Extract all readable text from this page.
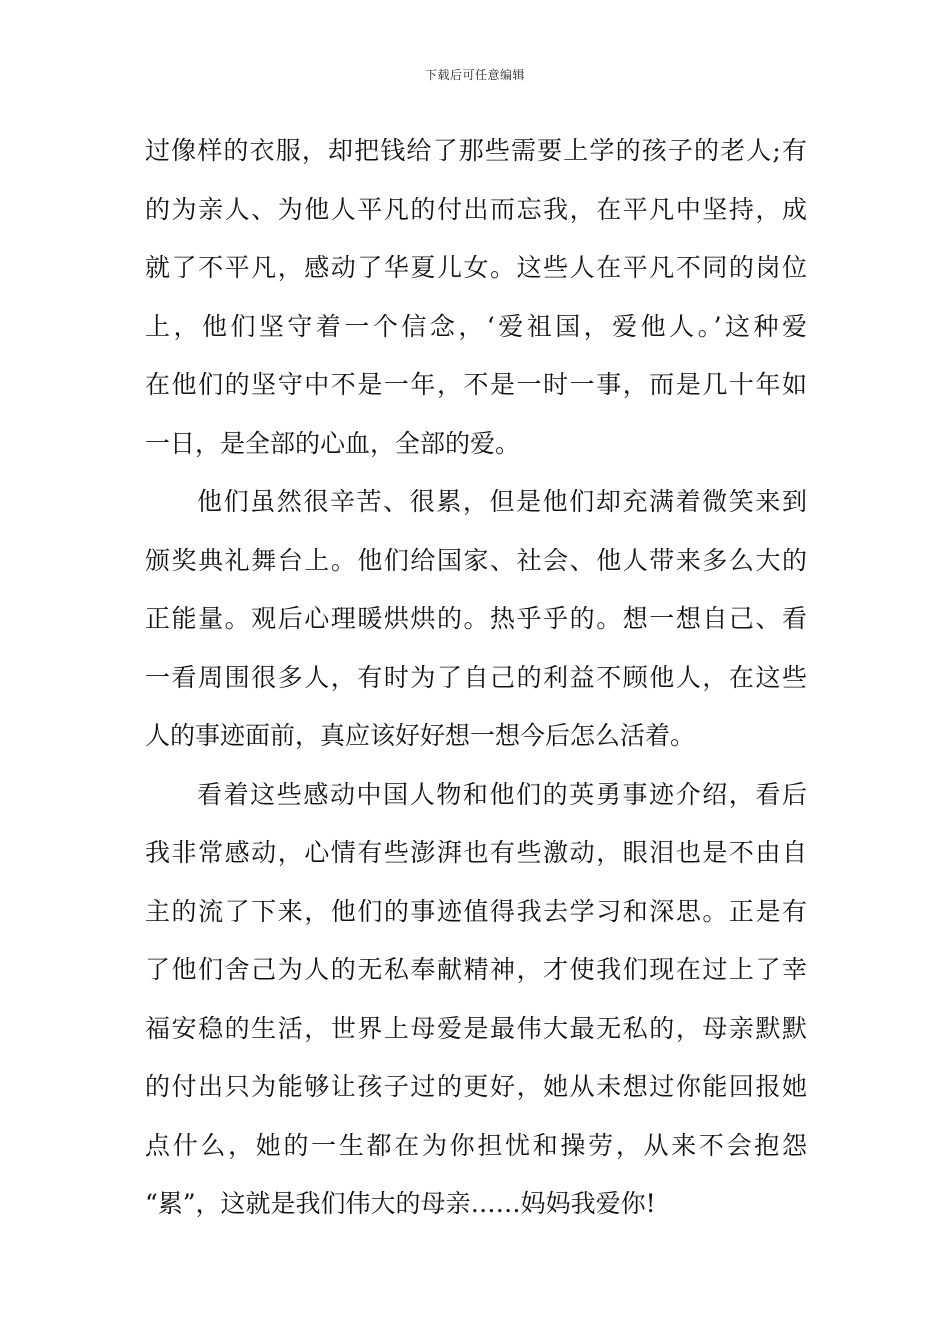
下载后可任意编辑
过像样的衣服，却把钱给了那些需要上学的孩子的老人;有
的为亲人、为他人平凡的付出而忘我，在平凡中坚持，成
就了不平凡，感动了华夏儿女。这些人在平凡不同的岗位
上，他们坚守着一个信念，‘爱祖国，爱他人。’这种爱
在他们的坚守中不是一年，不是一时一事，而是几十年如
一日，是全部的心血，全部的爱。
他们虽然很辛苦、很累，但是他们却充满着微笑来到
颁奖典礼舞台上。他们给国家、社会、他人带来多么大的
正能量。观后心理暖烘烘的。热乎乎的。想一想自己、看
一看周围很多人，有时为了自己的利益不顾他人，在这些
人的事迹面前，真应该好好想一想今后怎么活着。
看着这些感动中国人物和他们的英勇事迹介绍，看后
我非常感动，心情有些澎湃也有些激动，眼泪也是不由自
主的流了下来，他们的事迹值得我去学习和深思。正是有
了他们舍己为人的无私奉献精神，才使我们现在过上了幸
福安稳的生活，世界上母爱是最伟大最无私的，母亲默默
的付出只为能够让孩子过的更好，她从未想过你能回报她
点什么，她的一生都在为你担忧和操劳，从来不会抱怨
“累”，这就是我们伟大的母亲……妈妈我爱你!
